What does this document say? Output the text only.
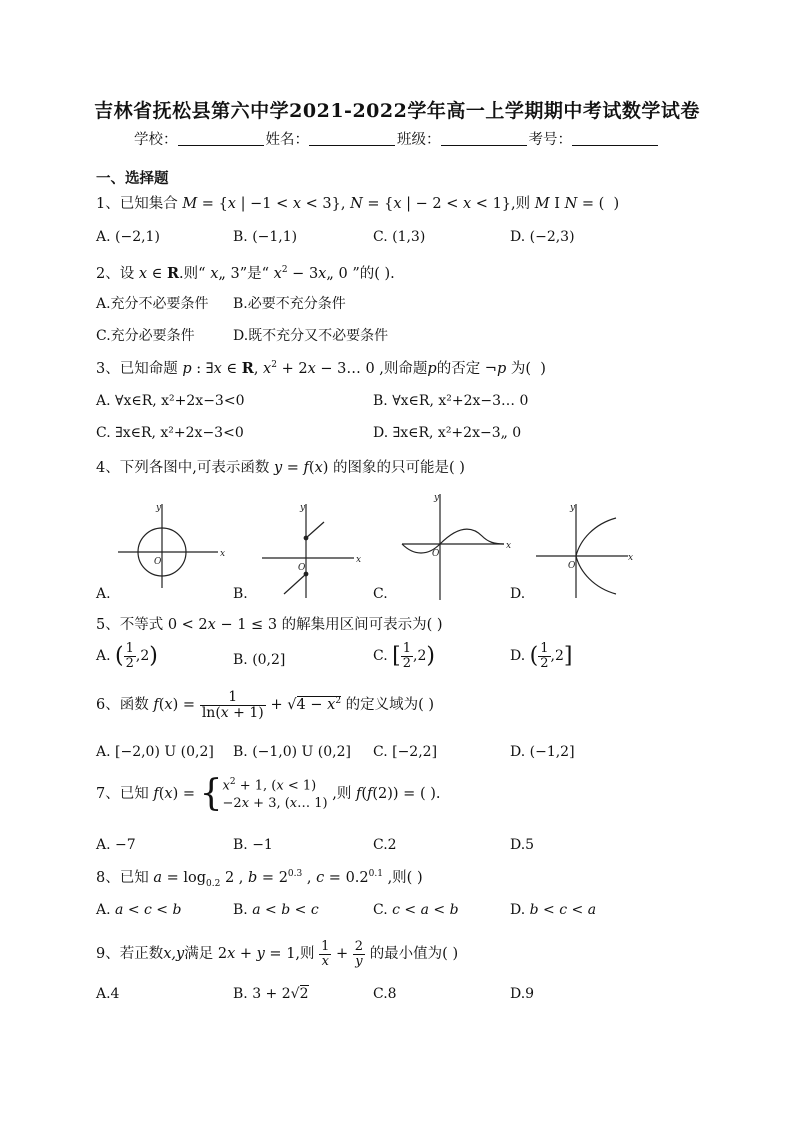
吉林省抚松县第六中学2021-2022学年高一上学期期中考试数学试卷
学校：	姓名：	班级：	考号：
一、选择题
1、已知集合 M = {x | −1 < x < 3}, N = {x | − 2 < x < 1},则 M I N = (  )
A. (−2,1)	B. (−1,1)	C. (1,3)	D. (−2,3)
2、设 x ∈ R.则“ x„ 3”是“ $x^2$ − 3x„ 0 ”的( ).
A.充分不必要条件 B.必要不充分条件
C.充分必要条件	D.既不充分又不必要条件
3、已知命题 p : ∃x ∈ R, $x^2 + 2x$ − 3… 0 ,则命题p的否定 ¬p 为(  )
A. ∀x∈R, x²+2x−3<0	B. ∀x∈R, x²+2x−3… 0
C. ∃x∈R, x²+2x−3<0	D. ∃x∈R, x²+2x−3„ 0
4、下列各图中,可表示函数 y = f(x) 的图象的只可能是( )
x
y
O
A.
x
y
O
B.
x
y
O
C.
x
y
O
D.
5、不等式 0 < 2x − 1 ≤ 3 的解集用区间可表示为( )
A. ( $\frac{1}{2} ,2$)	B. (0,2]	C. [ $\frac{1}{2} ,2$)	D. ( $\frac{1}{2} ,2$]
6、函数 $f(x) = \frac{1}{\ln(x + 1)} + √4 - x^2$ 的定义域为( )
A. [−2,0) U (0,2] B. (−1,0) U (0,2] C. [−2,2]	D. (−1,2]
7、已知 $f(x) = \{x^2 + 1$, (x < 1)
−2x + 3, (x… 1) ,则 f(f(2)) = ( ).
A. −7	B. −1	C.2	D.5
8、已知 $a = \log_{0.2} 2$ , $b = 2^{0.3}$ , $c = 0.2^{0.1}$ ,则( )
A. a < c < b	B. a < b < c	C. c < a < b	D. b < c < a
9、若正数x,y满足 2x + y = 1,则 $\frac{1}{x} + \frac{2}{y}$ 的最小值为( )
A.4	B. 3 + 2√2	C.8	D.9
